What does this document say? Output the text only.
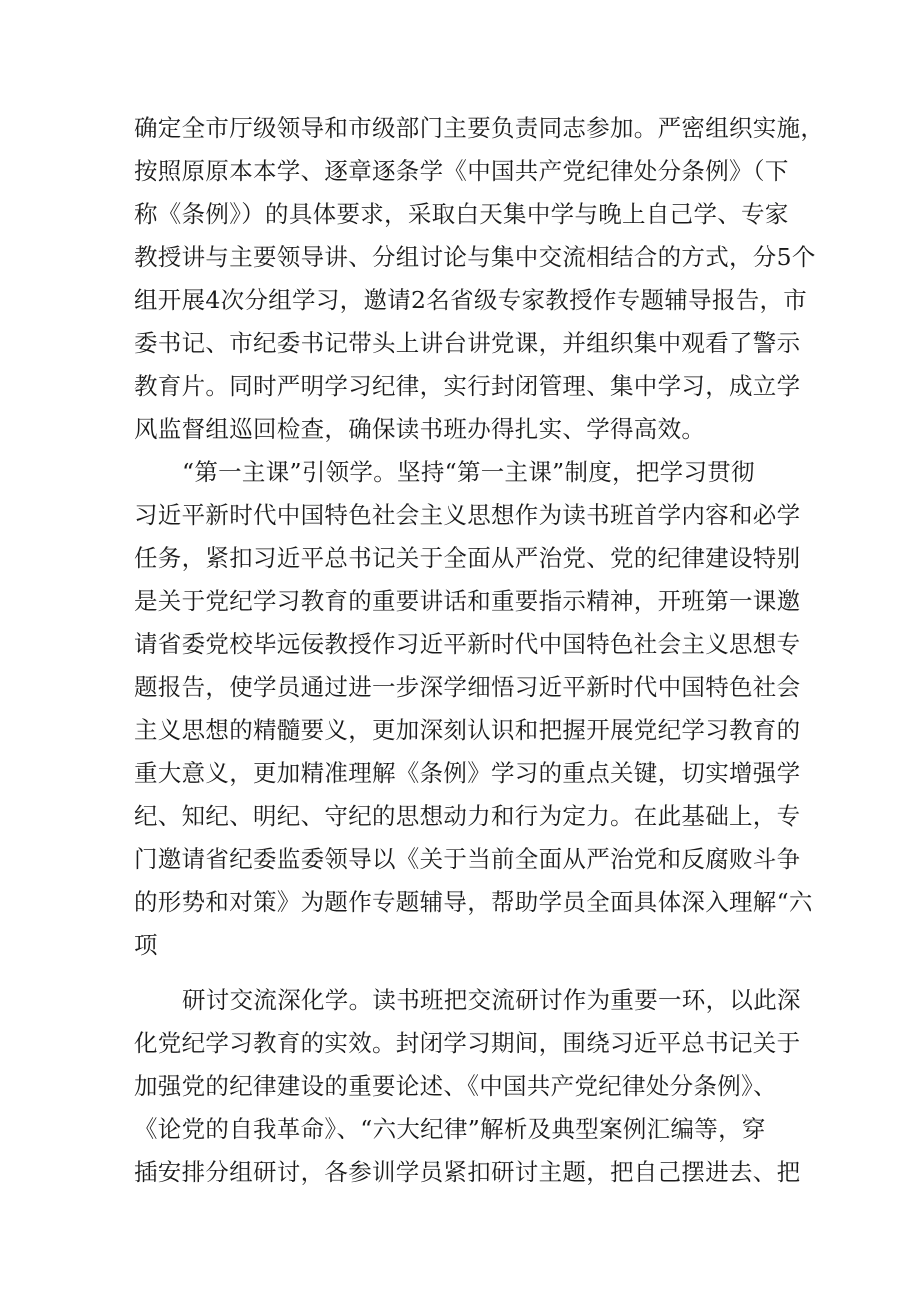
确定全市厅级领导和市级部门主要负责同志参加。严密组织实施，
按照原原本本学、逐章逐条学《中国共产党纪律处分条例》（下
称《条例》）的具体要求，采取白天集中学与晚上自己学、专家
教授讲与主要领导讲、分组讨论与集中交流相结合的方式，分5个
组开展4次分组学习，邀请2名省级专家教授作专题辅导报告，市
委书记、市纪委书记带头上讲台讲党课，并组织集中观看了警示
教育片。同时严明学习纪律，实行封闭管理、集中学习，成立学
风监督组巡回检查，确保读书班办得扎实、学得高效。
“第一主课”引领学。坚持“第一主课”制度，把学习贯彻
习近平新时代中国特色社会主义思想作为读书班首学内容和必学
任务，紧扣习近平总书记关于全面从严治党、党的纪律建设特别
是关于党纪学习教育的重要讲话和重要指示精神，开班第一课邀
请省委党校毕远佞教授作习近平新时代中国特色社会主义思想专
题报告，使学员通过进一步深学细悟习近平新时代中国特色社会
主义思想的精髓要义，更加深刻认识和把握开展党纪学习教育的
重大意义，更加精准理解《条例》学习的重点关键，切实增强学
纪、知纪、明纪、守纪的思想动力和行为定力。在此基础上，专
门邀请省纪委监委领导以《关于当前全面从严治党和反腐败斗争
的形势和对策》为题作专题辅导，帮助学员全面具体深入理解“六
项
研讨交流深化学。读书班把交流研讨作为重要一环，以此深
化党纪学习教育的实效。封闭学习期间，围绕习近平总书记关于
加强党的纪律建设的重要论述、《中国共产党纪律处分条例》、
《论党的自我革命》、“六大纪律”解析及典型案例汇编等，穿
插安排分组研讨，各参训学员紧扣研讨主题，把自己摆进去、把
